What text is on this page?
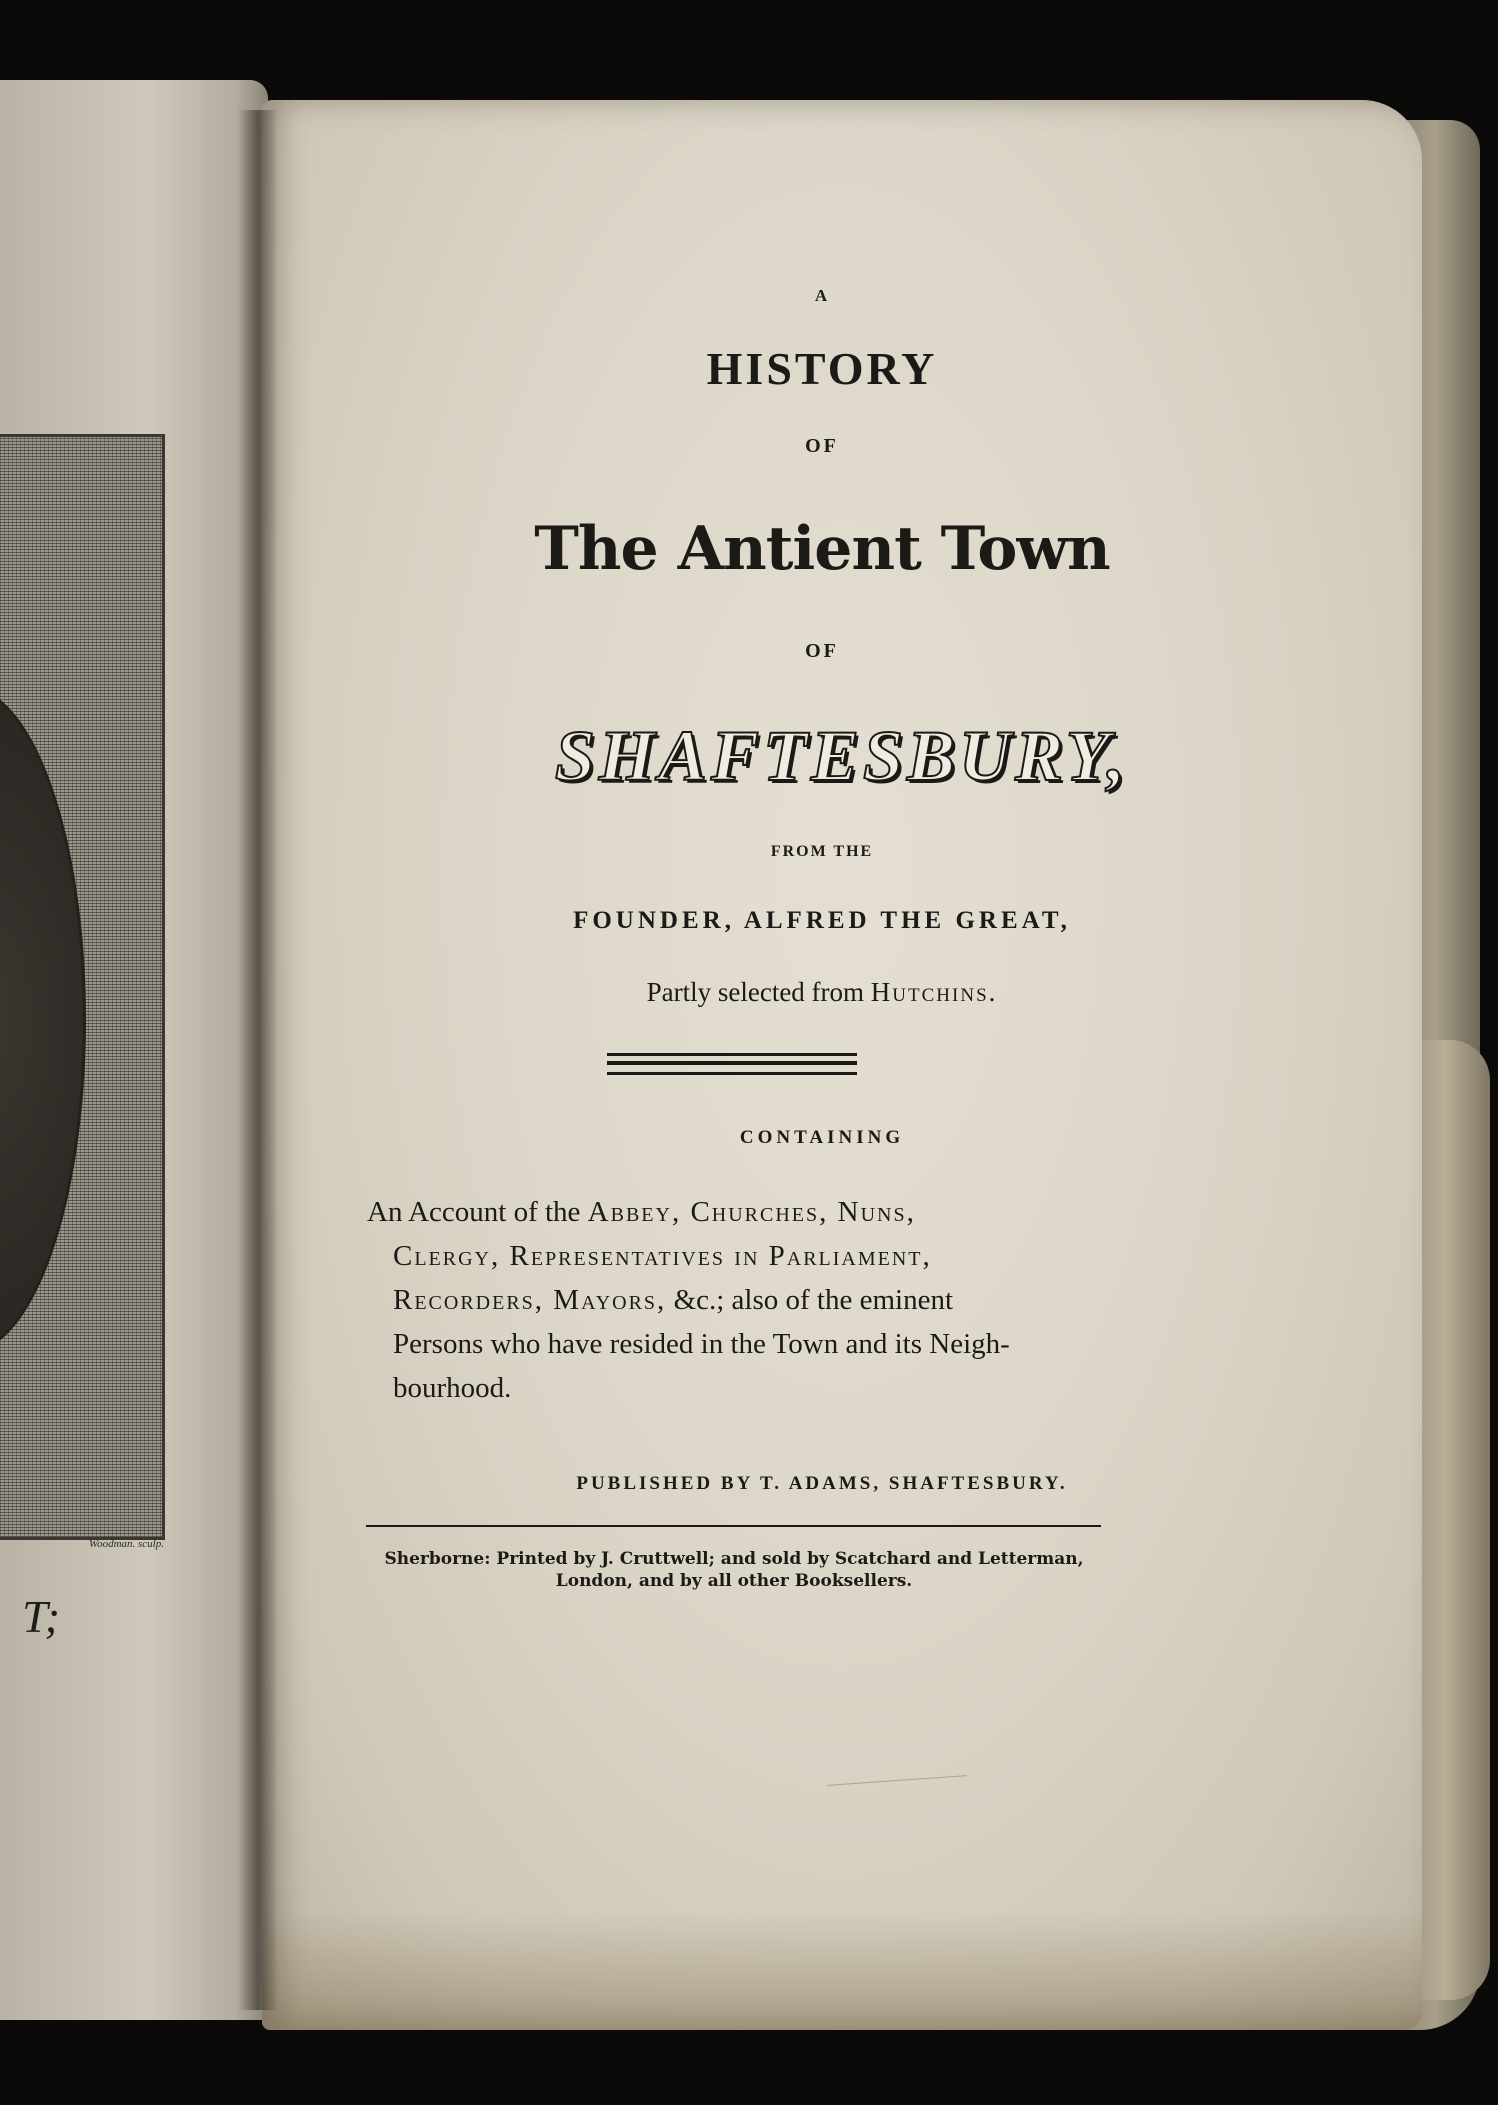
Woodman. sculp.
T;
A
HISTORY
OF
The Antient Town
OF
SHAFTESBURY,
FROM THE
FOUNDER, ALFRED THE GREAT,
Partly selected from Hutchins.
CONTAINING
An Account of the Abbey, Churches, Nuns,
Clergy, Representatives in Parliament,
Recorders, Mayors, &c.; also of the eminent
Persons who have resided in the Town and its Neigh-
bourhood.
PUBLISHED BY T. ADAMS, SHAFTESBURY.
Sherborne: Printed by J. Cruttwell; and sold by Scatchard and Letterman,
London, and by all other Booksellers.
